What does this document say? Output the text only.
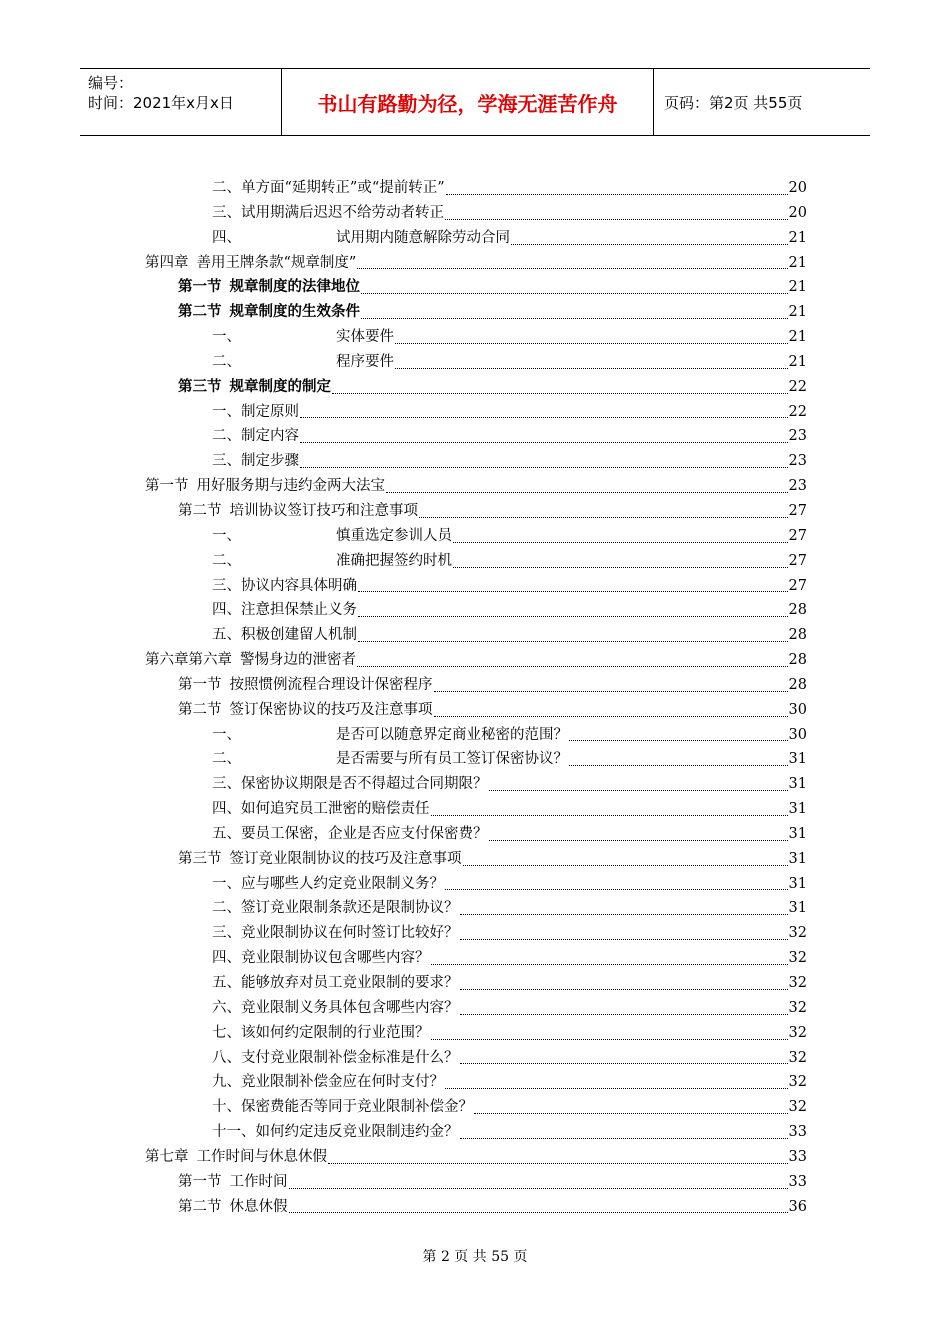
编号：
时间：2021年x月x日	书山有路勤为径，学海无涯苦作舟	页码：第2页 共55页
二、 单方面“延期转正”或“提前转正”	20
三、 试用期满后迟迟不给劳动者转正	20
四、	试用期内随意解除劳动合同	21
第四章 善用王牌条款“规章制度”	21
第一节 规章制度的法律地位	21
第二节 规章制度的生效条件	21
一、	实体要件	21
二、	程序要件	21
第三节 规章制度的制定	22
一、 制定原则	22
二、 制定内容	23
三、 制定步骤	23
第一节 用好服务期与违约金两大法宝	23
第二节 培训协议签订技巧和注意事项	27
一、	慎重选定参训人员	27
二、	准确把握签约时机	27
三、 协议内容具体明确	27
四、 注意担保禁止义务	28
五、 积极创建留人机制	28
第六章第六章 警惕身边的泄密者	28
第一节 按照惯例流程合理设计保密程序	28
第二节 签订保密协议的技巧及注意事项	30
一、	是否可以随意界定商业秘密的范围？	30
二、	是否需要与所有员工签订保密协议？	31
三、 保密协议期限是否不得超过合同期限？	31
四、 如何追究员工泄密的赔偿责任	31
五、 要员工保密，企业是否应支付保密费？	31
第三节 签订竞业限制协议的技巧及注意事项	31
一、 应与哪些人约定竞业限制义务？	31
二、 签订竞业限制条款还是限制协议？	31
三、 竞业限制协议在何时签订比较好？	32
四、 竞业限制协议包含哪些内容？	32
五、 能够放弃对员工竞业限制的要求？	32
六、 竞业限制义务具体包含哪些内容？	32
七、 该如何约定限制的行业范围？	32
八、 支付竞业限制补偿金标准是什么？	32
九、 竞业限制补偿金应在何时支付？	32
十、 保密费能否等同于竞业限制补偿金？	32
十一、 如何约定违反竞业限制违约金？	33
第七章 工作时间与休息休假	33
第一节 工作时间	33
第二节 休息休假	36
第 2 页 共 55 页
